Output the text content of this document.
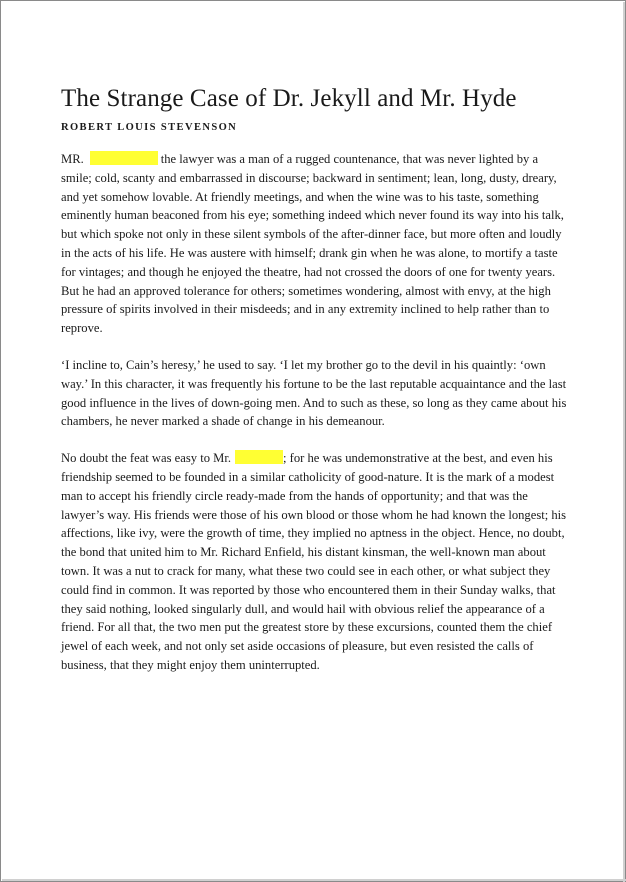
The Strange Case of Dr. Jekyll and Mr. Hyde
ROBERT LOUIS STEVENSON

MR.	the lawyer was a man of a rugged countenance, that was never lighted by a smile; cold, scanty and embarrassed in discourse; backward in sentiment; lean, long, dusty, dreary, and yet somehow lovable. At friendly meetings, and when the wine was to his taste, something eminently human beaconed from his eye; something indeed which never found its way into his talk, but which spoke not only in these silent symbols of the after-dinner face, but more often and loudly in the acts of his life. He was austere with himself; drank gin when he was alone, to mortify a taste for vintages; and though he enjoyed the theatre, had not crossed the doors of one for twenty years. But he had an approved tolerance for others; sometimes wondering, almost with envy, at the high pressure of spirits involved in their misdeeds; and in any extremity inclined to help rather than to reprove.

‘I incline to, Cain’s heresy,’ he used to say. ‘I let my brother go to the devil in his quaintly: ‘own way.’ In this character, it was frequently his fortune to be the last reputable acquaintance and the last good influence in the lives of down-going men. And to such as these, so long as they came about his chambers, he never marked a shade of change in his demeanour.

No doubt the feat was easy to Mr.	; for he was undemonstrative at the best, and even his friendship seemed to be founded in a similar catholicity of good-nature. It is the mark of a modest man to accept his friendly circle ready-made from the hands of opportunity; and that was the lawyer’s way. His friends were those of his own blood or those whom he had known the longest; his affections, like ivy, were the growth of time, they implied no aptness in the object. Hence, no doubt, the bond that united him to Mr. Richard Enfield, his distant kinsman, the well-known man about town. It was a nut to crack for many, what these two could see in each other, or what subject they could find in common. It was reported by those who encountered them in their Sunday walks, that they said nothing, looked singularly dull, and would hail with obvious relief the appearance of a friend. For all that, the two men put the greatest store by these excursions, counted them the chief jewel of each week, and not only set aside occasions of pleasure, but even resisted the calls of business, that they might enjoy them uninterrupted.
